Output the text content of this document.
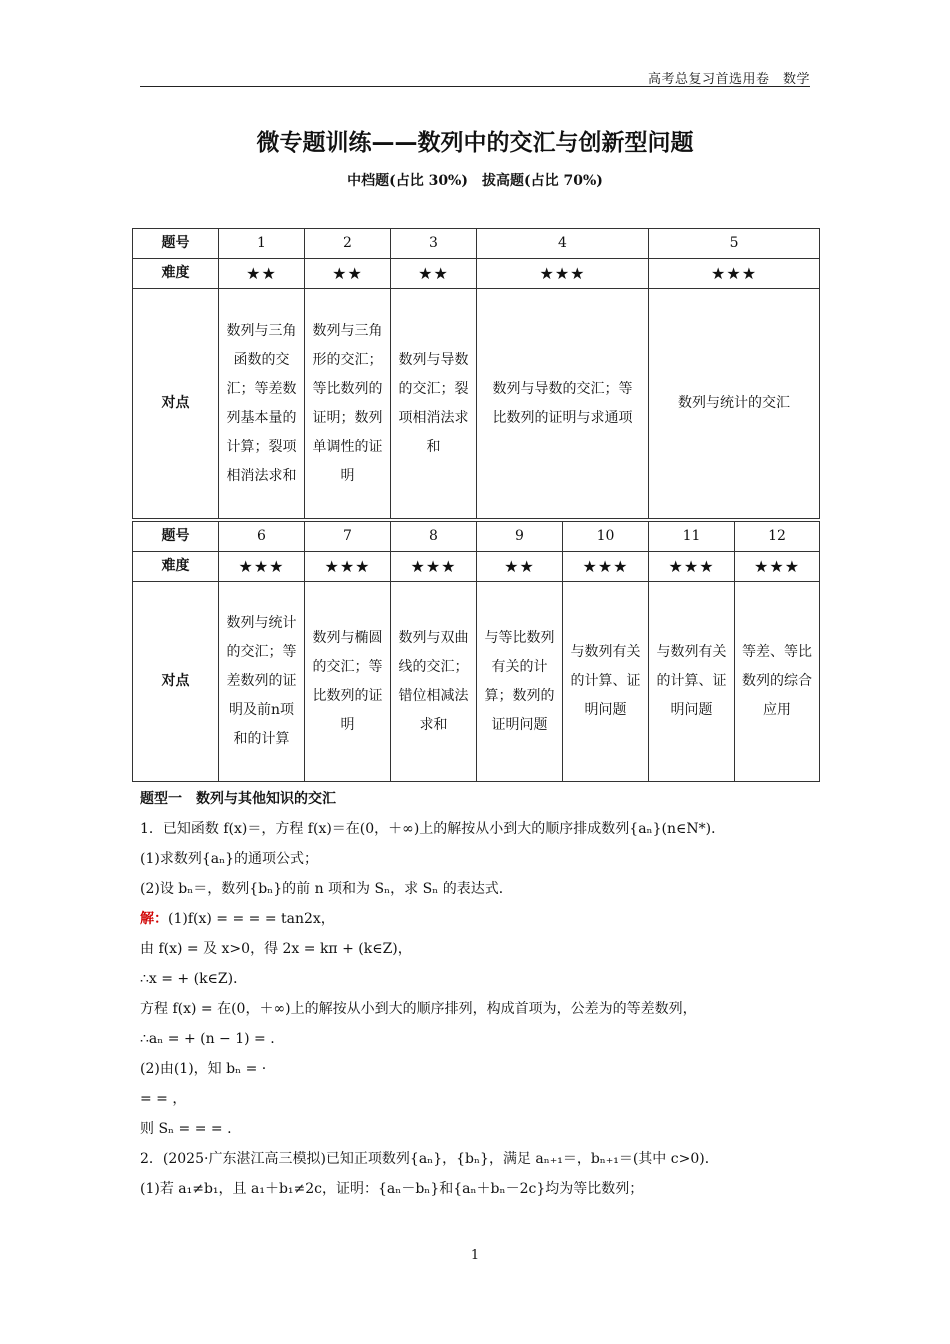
高考总复习首选用卷　数学
微专题训练——数列中的交汇与创新型问题
中档题(占比 30%)　拔高题(占比 70%)
题号	1	2	3	4		5	
难度	★★	★★	★★	★★★		★★★	
对点	数列与三角函数的交汇；等差数列基本量的计算；裂项相消法求和	数列与三角形的交汇；等比数列的证明；数列单调性的证明	数列与导数的交汇；裂项相消法求和	数列与导数的交汇；等比数列的证明与求通项		数列与统计的交汇	

题号	6	7	8	9	10	11	12
难度	★★★	★★★	★★★	★★	★★★	★★★	★★★
对点	数列与统计的交汇；等差数列的证明及前n项和的计算	数列与椭圆的交汇；等比数列的证明	数列与双曲线的交汇；错位相减法求和	与等比数列有关的计算；数列的证明问题	与数列有关的计算、证明问题	与数列有关的计算、证明问题	等差、等比数列的综合应用

题型一　数列与其他知识的交汇

1．已知函数 f(x)＝，方程 f(x)＝在(0，＋∞)上的解按从小到大的顺序排成数列{aₙ}(n∈N*)．

(1)求数列{aₙ}的通项公式；

(2)设 bₙ＝，数列{bₙ}的前 n 项和为 Sₙ，求 Sₙ 的表达式．

解：(1)f(x) = = = = tan2x，

由 f(x) = 及 x>0，得 2x = kπ + (k∈Z)，

∴x = + (k∈Z)．

方程 f(x) = 在(0，＋∞)上的解按从小到大的顺序排列，构成首项为，公差为的等差数列，

∴aₙ = + (n − 1) = .

(2)由(1)，知 bₙ = ·

= = ，

则 Sₙ = = = .

2．(2025·广东湛江高三模拟)已知正项数列{aₙ}，{bₙ}，满足 aₙ₊₁＝，bₙ₊₁＝(其中 c>0)．

(1)若 a₁≠b₁，且 a₁＋b₁≠2c，证明：{aₙ－bₙ}和{aₙ＋bₙ－2c}均为等比数列；

1
